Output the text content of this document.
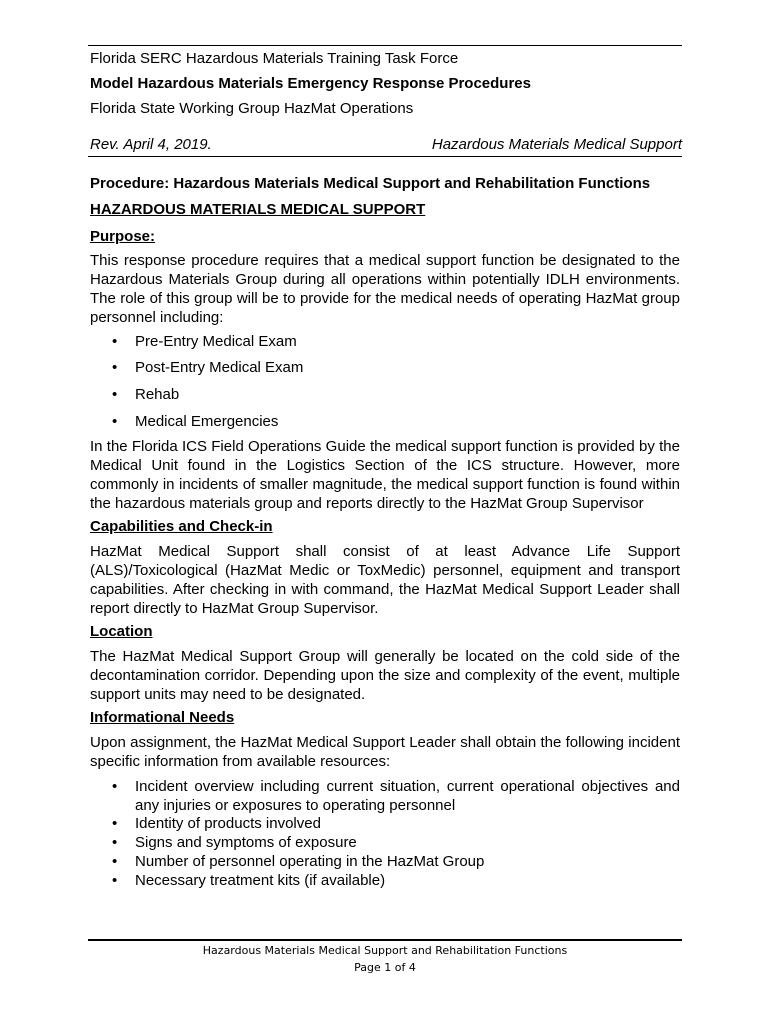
Florida SERC Hazardous Materials Training Task Force
Model Hazardous Materials Emergency Response Procedures
Florida State Working Group HazMat Operations
Rev. April 4, 2019.	Hazardous Materials Medical Support
Procedure: Hazardous Materials Medical Support and Rehabilitation Functions
HAZARDOUS MATERIALS MEDICAL SUPPORT
Purpose:
This response procedure requires that a medical support function be designated to the Hazardous Materials Group during all operations within potentially IDLH environments. The role of this group will be to provide for the medical needs of operating HazMat group personnel including:
• Pre-Entry Medical Exam
• Post-Entry Medical Exam
• Rehab
• Medical Emergencies
In the Florida ICS Field Operations Guide the medical support function is provided by the Medical Unit found in the Logistics Section of the ICS structure. However, more commonly in incidents of smaller magnitude, the medical support function is found within the hazardous materials group and reports directly to the HazMat Group Supervisor
Capabilities and Check-in
HazMat Medical Support shall consist of at least Advance Life Support (ALS)/Toxicological (HazMat Medic or ToxMedic) personnel, equipment and transport capabilities. After checking in with command, the HazMat Medical Support Leader shall report directly to HazMat Group Supervisor.
Location
The HazMat Medical Support Group will generally be located on the cold side of the decontamination corridor. Depending upon the size and complexity of the event, multiple support units may need to be designated.
Informational Needs
Upon assignment, the HazMat Medical Support Leader shall obtain the following incident specific information from available resources:
• Incident overview including current situation, current operational objectives and any injuries or exposures to operating personnel
• Identity of products involved
• Signs and symptoms of exposure
• Number of personnel operating in the HazMat Group
• Necessary treatment kits (if available)
Hazardous Materials Medical Support and Rehabilitation Functions
Page 1 of 4
